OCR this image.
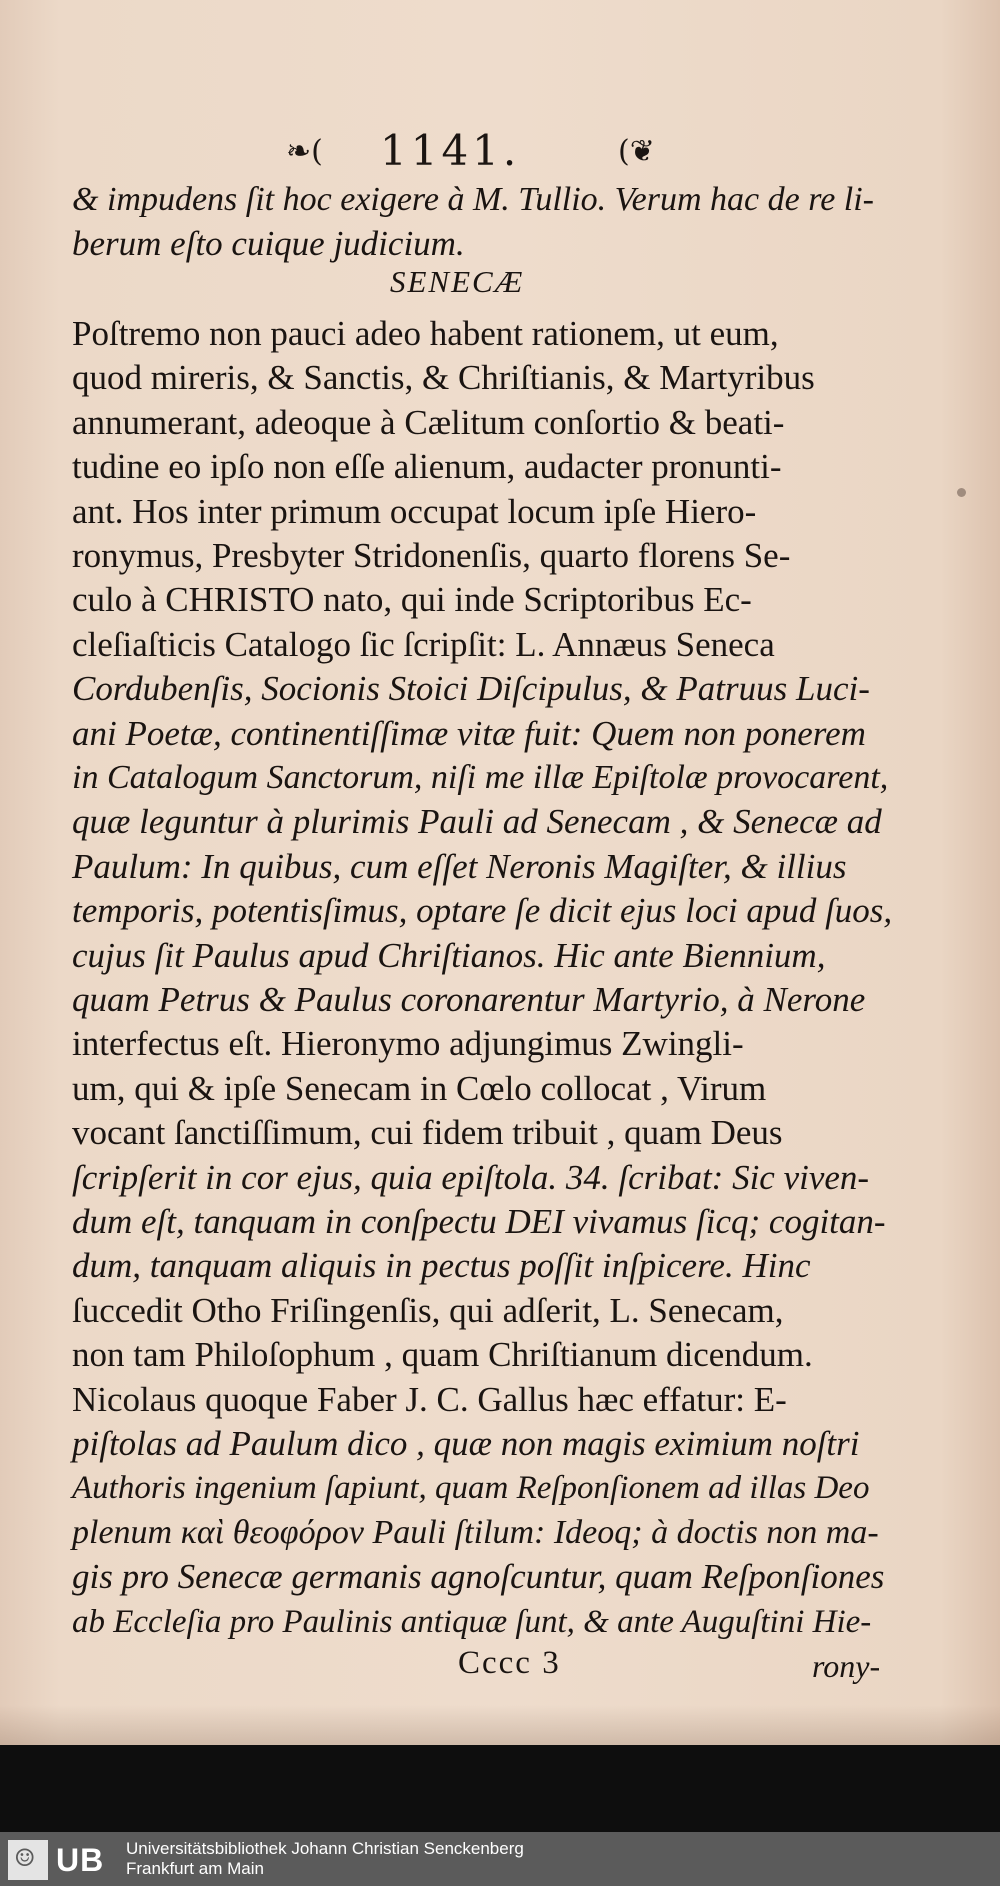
❧( 1141.	(❦
SENECÆ
& impudens ſit hoc exigere à M. Tullio. Verum hac de re li-
berum eſto cuique judicium.
Poſtremo non pauci adeo habent rationem, ut eum,
quod mireris, & Sanctis, & Chriſtianis, & Martyribus
annumerant, adeoque à Cælitum conſortio & beati-
tudine eo ipſo non eſſe alienum, audacter pronunti-
ant. Hos inter primum occupat locum ipſe Hiero-
ronymus, Presbyter Stridonenſis, quarto florens Se-
culo à CHRISTO nato, qui inde Scriptoribus Ec-
cleſiaſticis Catalogo ſic ſcripſit: L. Annæus Seneca
Cordubenſis, Socionis Stoici Diſcipulus, & Patruus Luci-
ani Poetæ, continentiſſimæ vitæ fuit: Quem non ponerem
in Catalogum Sanctorum, niſi me illæ Epiſtolæ provocarent,
quæ leguntur à plurimis Pauli ad Senecam , & Senecæ ad
Paulum: In quibus, cum eſſet Neronis Magiſter, & illius
temporis, potentisſimus, optare ſe dicit ejus loci apud ſuos,
cujus ſit Paulus apud Chriſtianos. Hic ante Biennium,
quam Petrus & Paulus coronarentur Martyrio, à Nerone
interfectus eſt. Hieronymo adjungimus Zwingli-
um, qui & ipſe Senecam in Cœlo collocat , Virum
vocant ſanctiſſimum, cui fidem tribuit , quam Deus
ſcripſerit in cor ejus, quia epiſtola. 34. ſcribat: Sic viven-
dum eſt, tanquam in conſpectu DEI vivamus ſicq; cogitan-
dum, tanquam aliquis in pectus poſſit inſpicere. Hinc
ſuccedit Otho Friſingenſis, qui adſerit, L. Senecam,
non tam Philoſophum , quam Chriſtianum dicendum.
Nicolaus quoque Faber J. C. Gallus hæc effatur: E-
piſtolas ad Paulum dico , quæ non magis eximium noſtri
Authoris ingenium ſapiunt, quam Reſponſionem ad illas Deo
plenum καὶ θεοφόρον Pauli ſtilum: Ideoq; à doctis non ma-
gis pro Senecæ germanis agnoſcuntur, quam Reſponſiones
ab Eccleſia pro Paulinis antiquæ ſunt, & ante Auguſtini Hie-
Cccc 3	rony-
☺ UB Universitätsbibliothek Johann Christian Senckenberg
Frankfurt am Main
